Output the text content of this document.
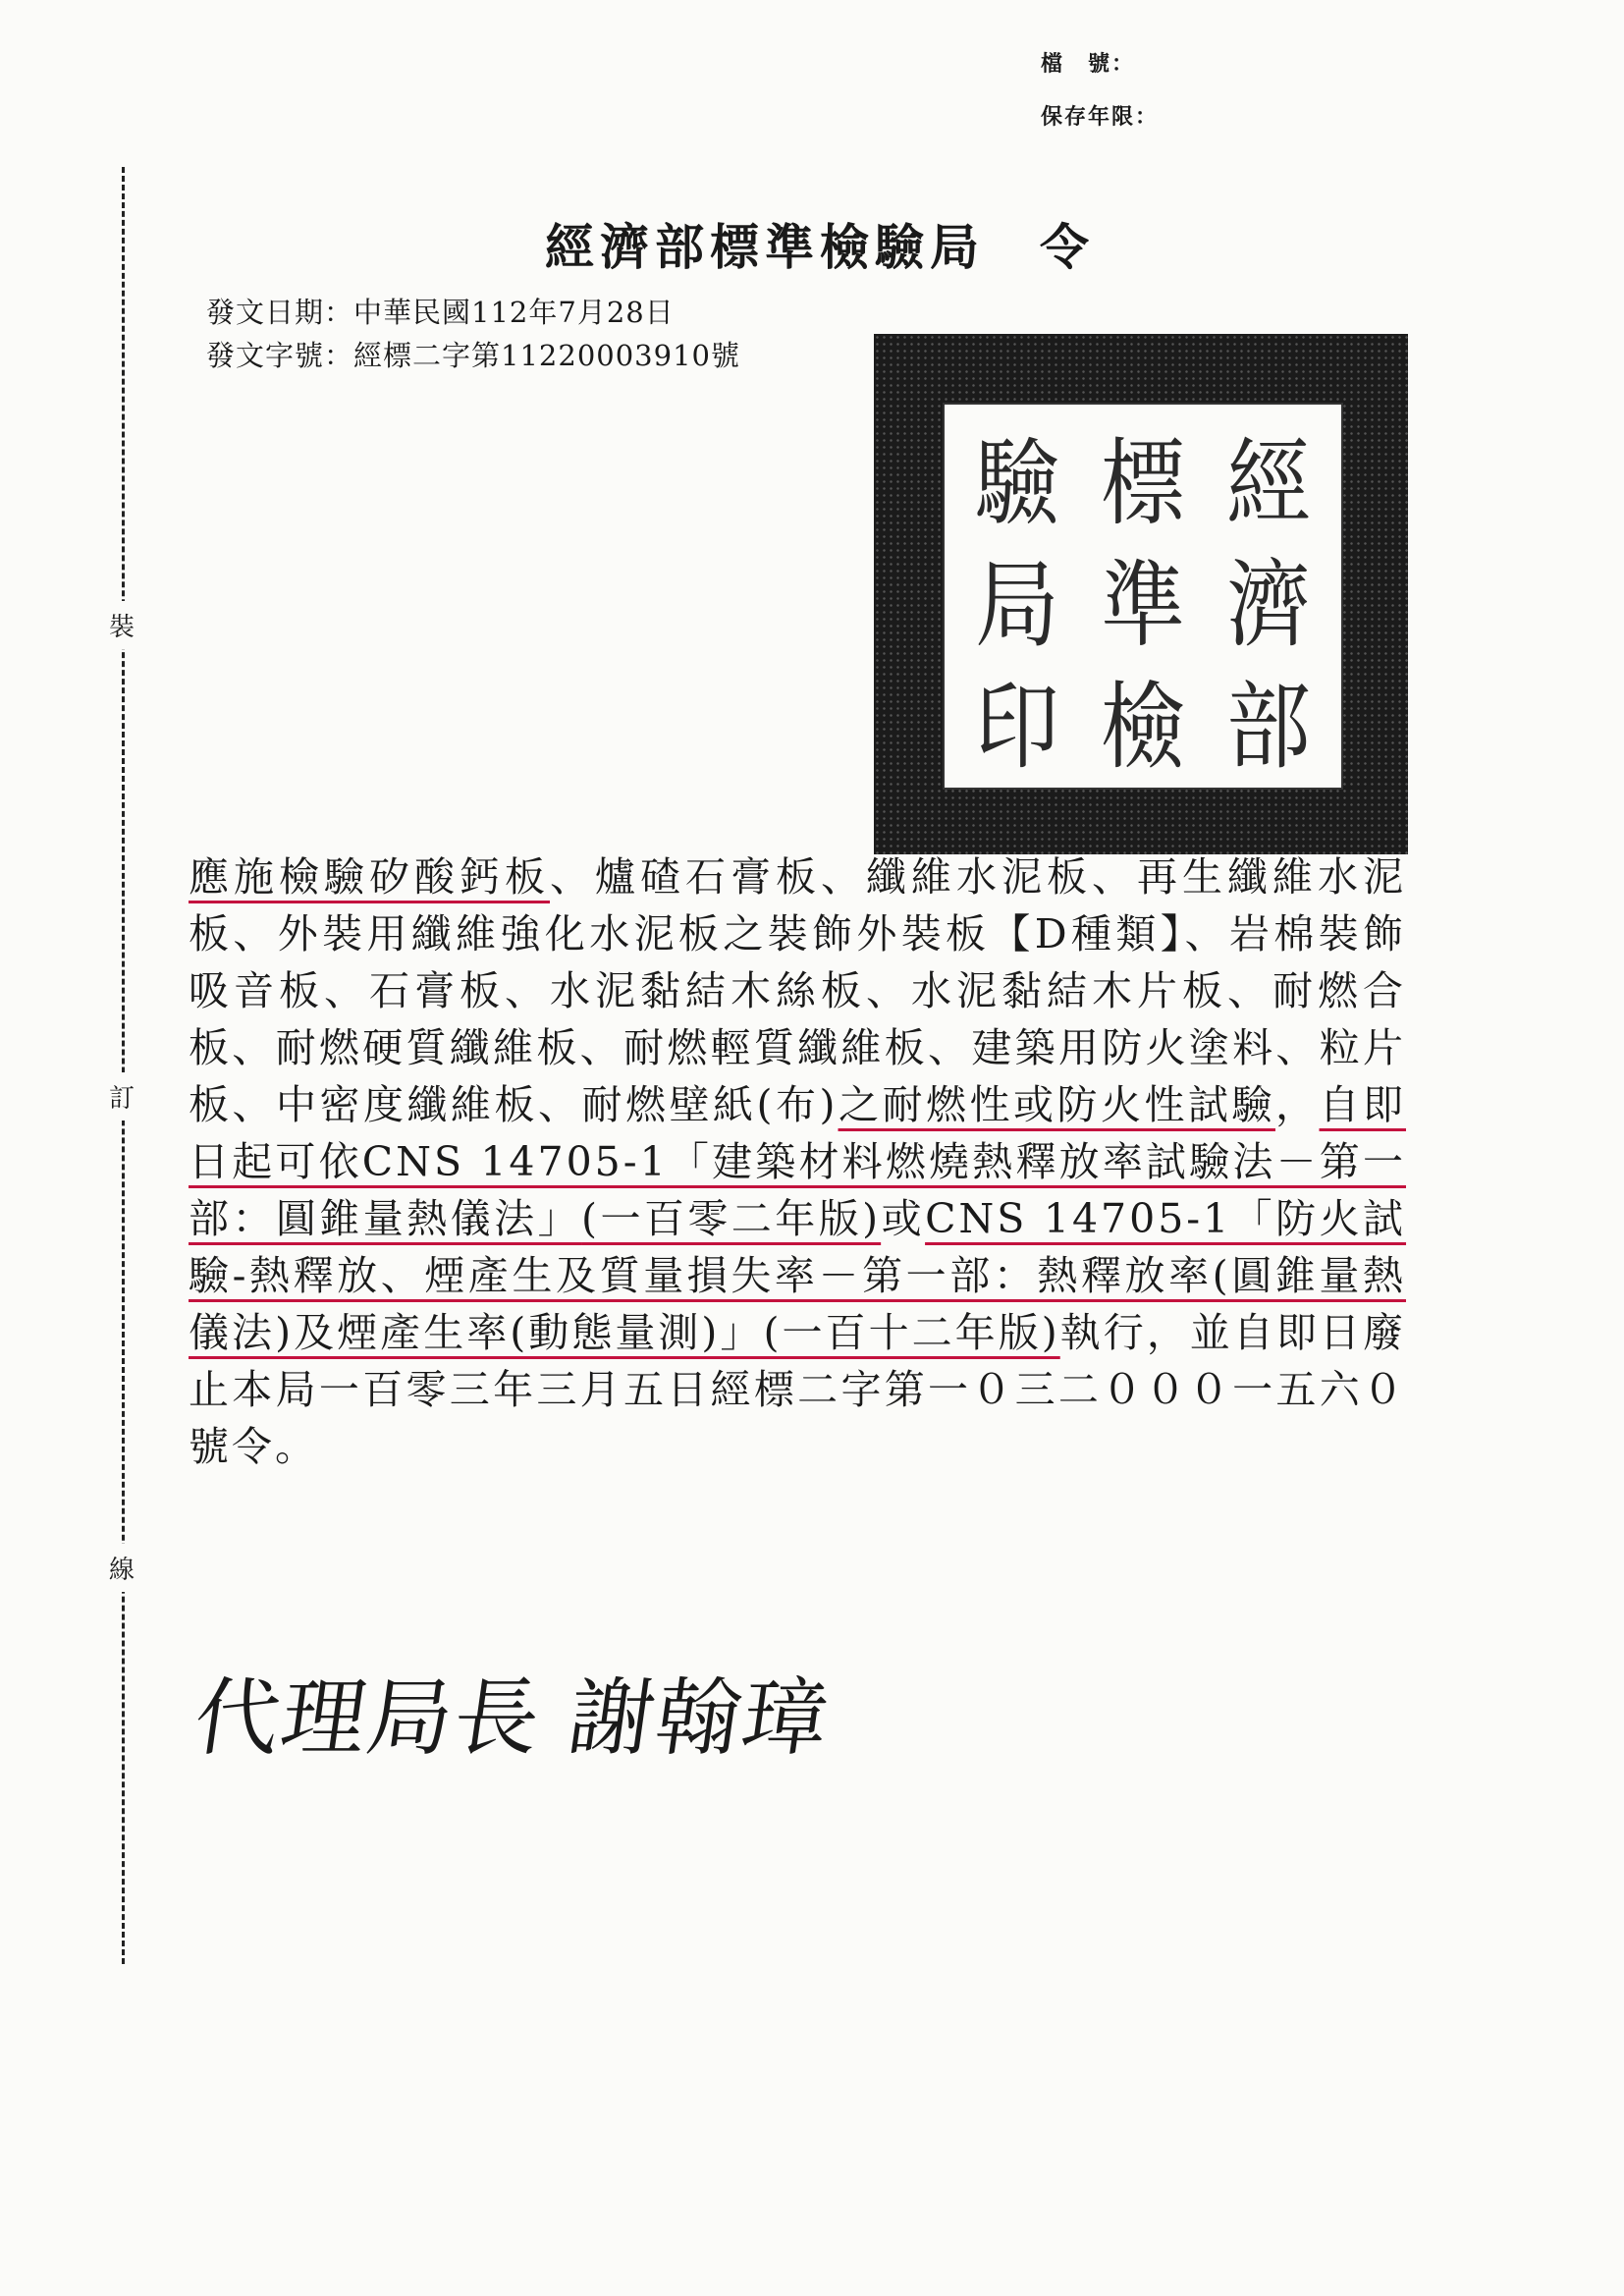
檔　號：
保存年限：
裝
訂
線
經濟部標準檢驗局 令
發文日期：中華民國112年7月28日
發文字號：經標二字第11220003910號
經
標
驗
濟
準
局
部
檢
印

應施檢驗矽酸鈣板、爐碴石膏板、纖維水泥板、再生纖維水泥板、外裝用纖維強化水泥板之裝飾外裝板【D種類】、岩棉裝飾吸音板、石膏板、水泥黏結木絲板、水泥黏結木片板、耐燃合板、耐燃硬質纖維板、耐燃輕質纖維板、建築用防火塗料、粒片板、中密度纖維板、耐燃壁紙(布)之耐燃性或防火性試驗，自即日起可依CNS 14705-1「建築材料燃燒熱釋放率試驗法－第一部：圓錐量熱儀法」(一百零二年版)或CNS 14705-1「防火試驗-熱釋放、煙產生及質量損失率－第一部：熱釋放率(圓錐量熱儀法)及煙產生率(動態量測)」(一百十二年版)執行，並自即日廢止本局一百零三年三月五日經標二字第一０三二０００一五六０號令。

代理局長 謝翰璋
